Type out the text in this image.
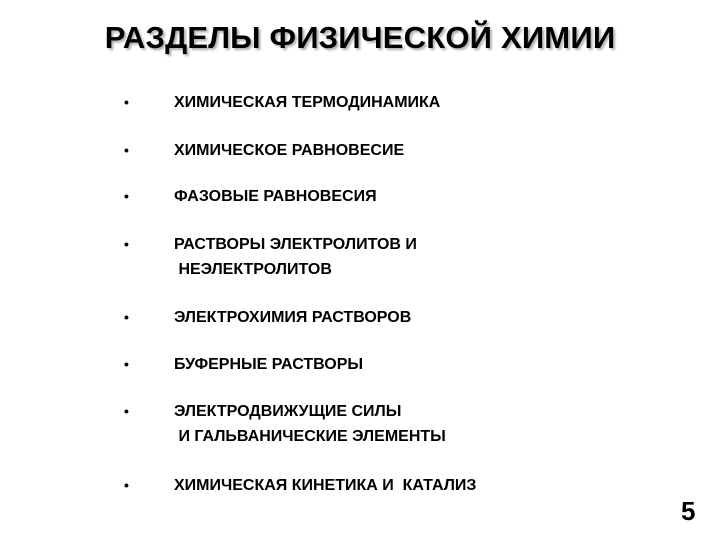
РАЗДЕЛЫ ФИЗИЧЕСКОЙ ХИМИИ
•	ХИМИЧЕСКАЯ ТЕРМОДИНАМИКА
•	ХИМИЧЕСКОЕ РАВНОВЕСИЕ
•	ФАЗОВЫЕ РАВНОВЕСИЯ
•	РАСТВОРЫ ЭЛЕКТРОЛИТОВ И
НЕЭЛЕКТРОЛИТОВ
•	ЭЛЕКТРОХИМИЯ РАСТВОРОВ
•	БУФЕРНЫЕ РАСТВОРЫ
•	ЭЛЕКТРОДВИЖУЩИЕ СИЛЫ
И ГАЛЬВАНИЧЕСКИЕ ЭЛЕМЕНТЫ
•	ХИМИЧЕСКАЯ КИНЕТИКА И  КАТАЛИЗ
5
